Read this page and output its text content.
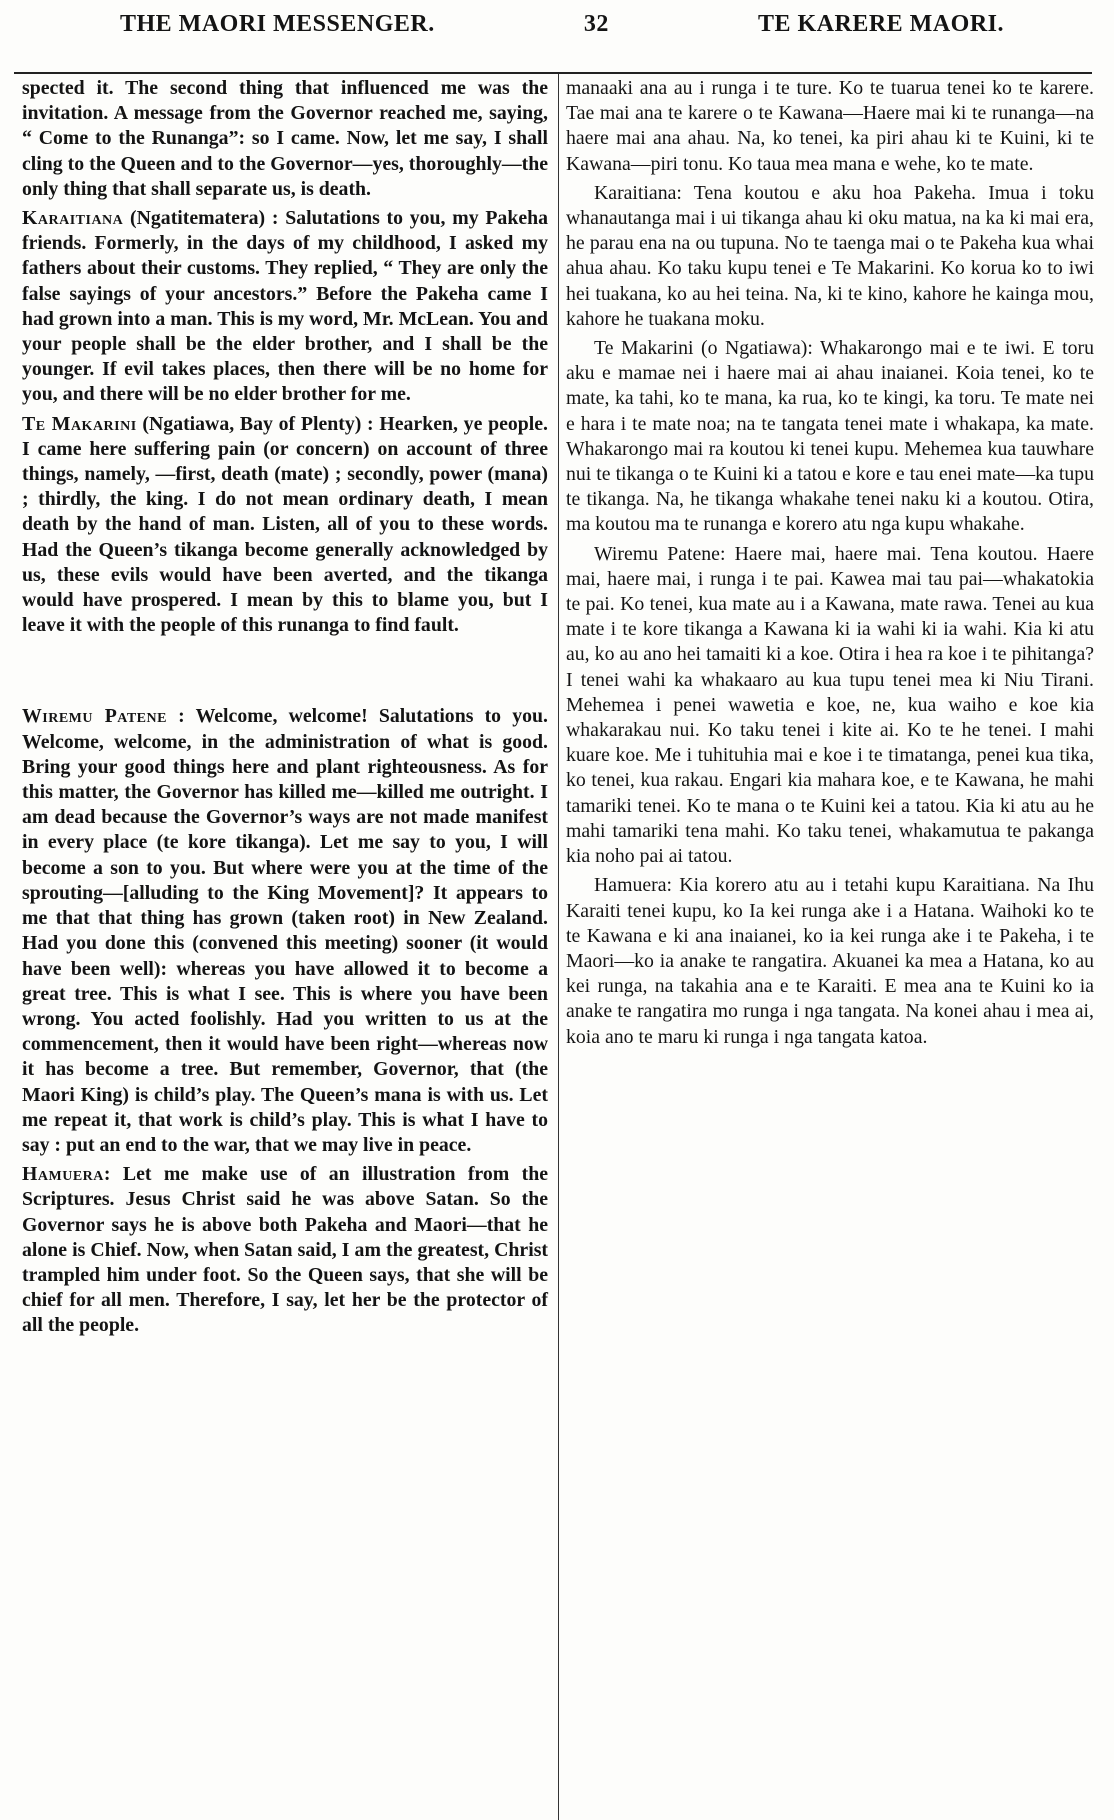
THE MAORI MESSENGER.	32	TE KARERE MAORI.

spected it. The second thing that influenced me was the invitation. A message from the Governor reached me, saying, “ Come to the Runanga”: so I came. Now, let me say, I shall cling to the Queen and to the Governor—yes, thoroughly—the only thing that shall separate us, is death.

Karaitiana (Ngatitematera) : Salutations to you, my Pakeha friends. Formerly, in the days of my childhood, I asked my fathers about their customs. They replied, “ They are only the false sayings of your ancestors.” Before the Pakeha came I had grown into a man. This is my word, Mr. McLean. You and your people shall be the elder brother, and I shall be the younger. If evil takes places, then there will be no home for you, and there will be no elder brother for me.

Te Makarini (Ngatiawa, Bay of Plenty) : Hearken, ye people. I came here suffering pain (or concern) on account of three things, namely, —first, death (mate) ; secondly, power (mana) ; thirdly, the king. I do not mean ordinary death, I mean death by the hand of man. Listen, all of you to these words. Had the Queen’s tikanga become generally acknowledged by us, these evils would have been averted, and the tikanga would have prospered. I mean by this to blame you, but I leave it with the people of this runanga to find fault.

Wiremu Patene : Welcome, welcome! Salutations to you. Welcome, welcome, in the administration of what is good. Bring your good things here and plant righteousness. As for this matter, the Governor has killed me—killed me outright. I am dead because the Governor’s ways are not made manifest in every place (te kore tikanga). Let me say to you, I will become a son to you. But where were you at the time of the sprouting—[alluding to the King Movement]? It appears to me that that thing has grown (taken root) in New Zealand. Had you done this (convened this meeting) sooner (it would have been well): whereas you have allowed it to become a great tree. This is what I see. This is where you have been wrong. You acted foolishly. Had you written to us at the commencement, then it would have been right—whereas now it has become a tree. But remember, Governor, that (the Maori King) is child’s play. The Queen’s mana is with us. Let me repeat it, that work is child’s play. This is what I have to say : put an end to the war, that we may live in peace.

Hamuera: Let me make use of an illustration from the Scriptures. Jesus Christ said he was above Satan. So the Governor says he is above both Pakeha and Maori—that he alone is Chief. Now, when Satan said, I am the greatest, Christ trampled him under foot. So the Queen says, that she will be chief for all men. Therefore, I say, let her be the protector of all the people.

manaaki ana au i runga i te ture. Ko te tuarua tenei ko te karere. Tae mai ana te karere o te Kawana—Haere mai ki te runanga—na haere mai ana ahau. Na, ko tenei, ka piri ahau ki te Kuini, ki te Kawana—piri tonu. Ko taua mea mana e wehe, ko te mate.

Karaitiana: Tena koutou e aku hoa Pakeha. Imua i toku whanautanga mai i ui tikanga ahau ki oku matua, na ka ki mai era, he parau ena na ou tupuna. No te taenga mai o te Pakeha kua whai ahua ahau. Ko taku kupu tenei e Te Makarini. Ko korua ko to iwi hei tuakana, ko au hei teina. Na, ki te kino, kahore he kainga mou, kahore he tuakana moku.

Te Makarini (o Ngatiawa): Whakarongo mai e te iwi. E toru aku e mamae nei i haere mai ai ahau inaianei. Koia tenei, ko te mate, ka tahi, ko te mana, ka rua, ko te kingi, ka toru. Te mate nei e hara i te mate noa; na te tangata tenei mate i whakapa, ka mate. Whakarongo mai ra koutou ki tenei kupu. Mehemea kua tauwhare nui te tikanga o te Kuini ki a tatou e kore e tau enei mate—ka tupu te tikanga. Na, he tikanga whakahe tenei naku ki a koutou. Otira, ma koutou ma te runanga e korero atu nga kupu whakahe.

Wiremu Patene: Haere mai, haere mai. Tena koutou. Haere mai, haere mai, i runga i te pai. Kawea mai tau pai—whakatokia te pai. Ko tenei, kua mate au i a Kawana, mate rawa. Tenei au kua mate i te kore tikanga a Kawana ki ia wahi ki ia wahi. Kia ki atu au, ko au ano hei tamaiti ki a koe. Otira i hea ra koe i te pihitanga? I tenei wahi ka whakaaro au kua tupu tenei mea ki Niu Tirani. Mehemea i penei wawetia e koe, ne, kua waiho e koe kia whakarakau nui. Ko taku tenei i kite ai. Ko te he tenei. I mahi kuare koe. Me i tuhituhia mai e koe i te timatanga, penei kua tika, ko tenei, kua rakau. Engari kia mahara koe, e te Kawana, he mahi tamariki tenei. Ko te mana o te Kuini kei a tatou. Kia ki atu au he mahi tamariki tena mahi. Ko taku tenei, whakamutua te pakanga kia noho pai ai tatou.

Hamuera: Kia korero atu au i tetahi kupu Karaitiana. Na Ihu Karaiti tenei kupu, ko Ia kei runga ake i a Hatana. Waihoki ko te te Kawana e ki ana inaianei, ko ia kei runga ake i te Pakeha, i te Maori—ko ia anake te rangatira. Akuanei ka mea a Hatana, ko au kei runga, na takahia ana e te Karaiti. E mea ana te Kuini ko ia anake te rangatira mo runga i nga tangata. Na konei ahau i mea ai, koia ano te maru ki runga i nga tangata katoa.
